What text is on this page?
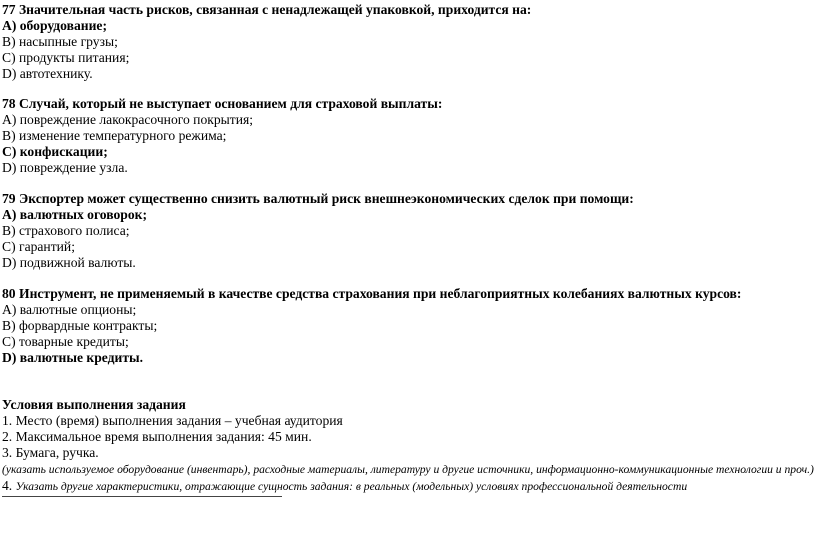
77 Значительная часть рисков, связанная с ненадлежащей упаковкой, приходится на:
A) оборудование;
B) насыпные грузы;
C) продукты питания;
D) автотехнику.
78 Случай, который не выступает основанием для страховой выплаты:
A) повреждение лакокрасочного покрытия;
B) изменение температурного режима;
C) конфискации;
D) повреждение узла.
79 Экспортер может существенно снизить валютный риск внешнеэкономических сделок при помощи:
A) валютных оговорок;
B) страхового полиса;
C) гарантий;
D) подвижной валюты.
80 Инструмент, не применяемый в качестве средства страхования при неблагоприятных колебаниях валютных курсов:
A) валютные опционы;
B) форвардные контракты;
C) товарные кредиты;
D) валютные кредиты.
Условия выполнения задания
1. Место (время) выполнения задания – учебная аудитория
2. Максимальное время выполнения задания: 45 мин.
3. Бумага, ручка.
(указать используемое оборудование (инвентарь), расходные материалы, литературу и другие источники, информационно-коммуникационные технологии и проч.)
4. Указать другие характеристики, отражающие сущность задания: в реальных (модельных) условиях профессиональной деятельности
